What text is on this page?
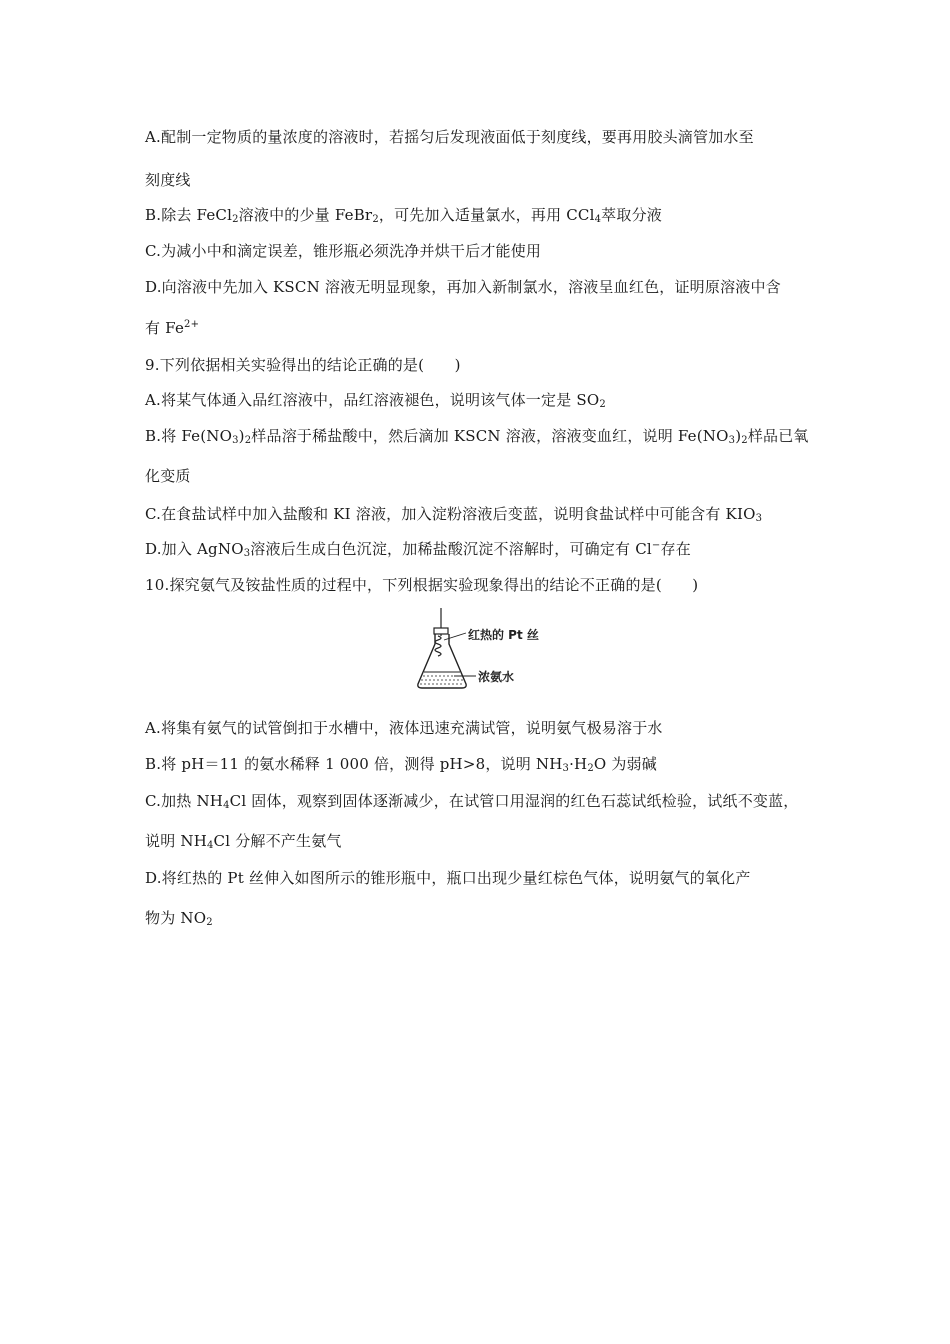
A.配制一定物质的量浓度的溶液时，若摇匀后发现液面低于刻度线，要再用胶头滴管加水至
刻度线
B.除去 FeCl$_2$溶液中的少量 FeBr$_2$，可先加入适量氯水，再用 CCl$_4$萃取分液
C.为减小中和滴定误差，锥形瓶必须洗净并烘干后才能使用
D.向溶液中先加入 KSCN 溶液无明显现象，再加入新制氯水，溶液呈血红色，证明原溶液中含
有 $Fe^{2+}$
9.下列依据相关实验得出的结论正确的是(　　)
A.将某气体通入品红溶液中，品红溶液褪色，说明该气体一定是 $SO_2$
B.将 $Fe(NO_3)_2$样品溶于稀盐酸中，然后滴加 KSCN 溶液，溶液变血红，说明 $Fe(NO_3)_2$样品已氧
化变质
C.在食盐试样中加入盐酸和 KI 溶液，加入淀粉溶液后变蓝，说明食盐试样中可能含有 $KIO_3$
D.加入 AgNO$_3$溶液后生成白色沉淀，加稀盐酸沉淀不溶解时，可确定有 Cl−存在
10.探究氨气及铵盐性质的过程中，下列根据实验现象得出的结论不正确的是(　　)
红热的 Pt 丝
浓氨水
A.将集有氨气的试管倒扣于水槽中，液体迅速充满试管，说明氨气极易溶于水
B.将 pH＝11 的氨水稀释 1 000 倍，测得 pH>8，说明 $NH_3\cdot H_2O$ 为弱碱
C.加热 $NH_4Cl$ 固体，观察到固体逐渐减少，在试管口用湿润的红色石蕊试纸检验，试纸不变蓝，
说明 $NH_4Cl$ 分解不产生氨气
D.将红热的 Pt 丝伸入如图所示的锥形瓶中，瓶口出现少量红棕色气体，说明氨气的氧化产
物为 $NO_2$
